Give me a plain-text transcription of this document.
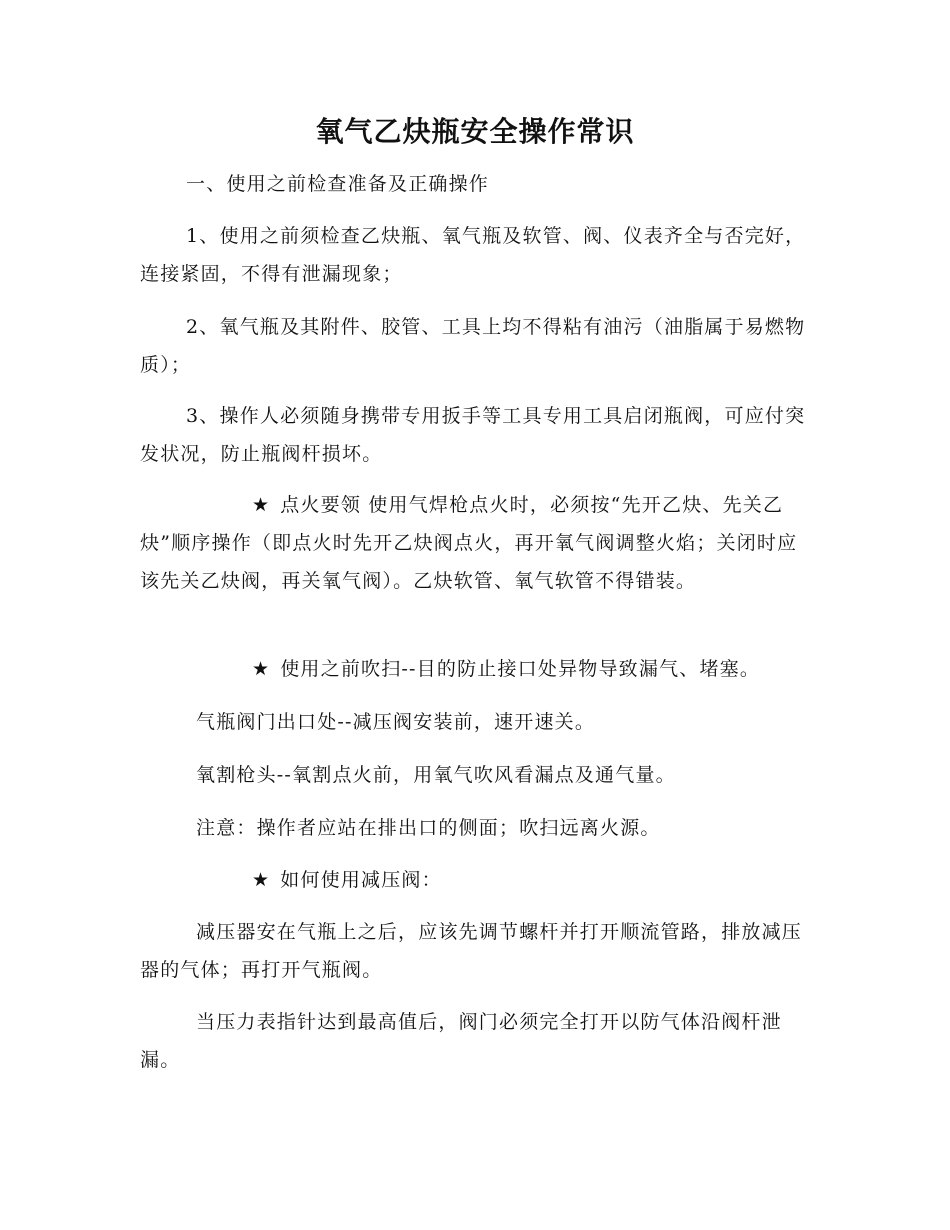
氧气乙炔瓶安全操作常识
一、使用之前检查准备及正确操作
1、使用之前须检查乙炔瓶、氧气瓶及软管、阀、仪表齐全与否完好，连接紧固，不得有泄漏现象；
2、氧气瓶及其附件、胶管、工具上均不得粘有油污（油脂属于易燃物质）；
3、操作人必须随身携带专用扳手等工具专用工具启闭瓶阀，可应付突发状况，防止瓶阀杆损坏。
★ 点火要领 使用气焊枪点火时，必须按“先开乙炔、先关乙炔”顺序操作（即点火时先开乙炔阀点火，再开氧气阀调整火焰；关闭时应该先关乙炔阀，再关氧气阀）。乙炔软管、氧气软管不得错装。
★ 使用之前吹扫--目的防止接口处异物导致漏气、堵塞。
气瓶阀门出口处--减压阀安装前，速开速关。
氧割枪头--氧割点火前，用氧气吹风看漏点及通气量。
注意：操作者应站在排出口的侧面；吹扫远离火源。
★ 如何使用减压阀：
减压器安在气瓶上之后，应该先调节螺杆并打开顺流管路，排放减压器的气体；再打开气瓶阀。
当压力表指针达到最高值后，阀门必须完全打开以防气体沿阀杆泄漏。
